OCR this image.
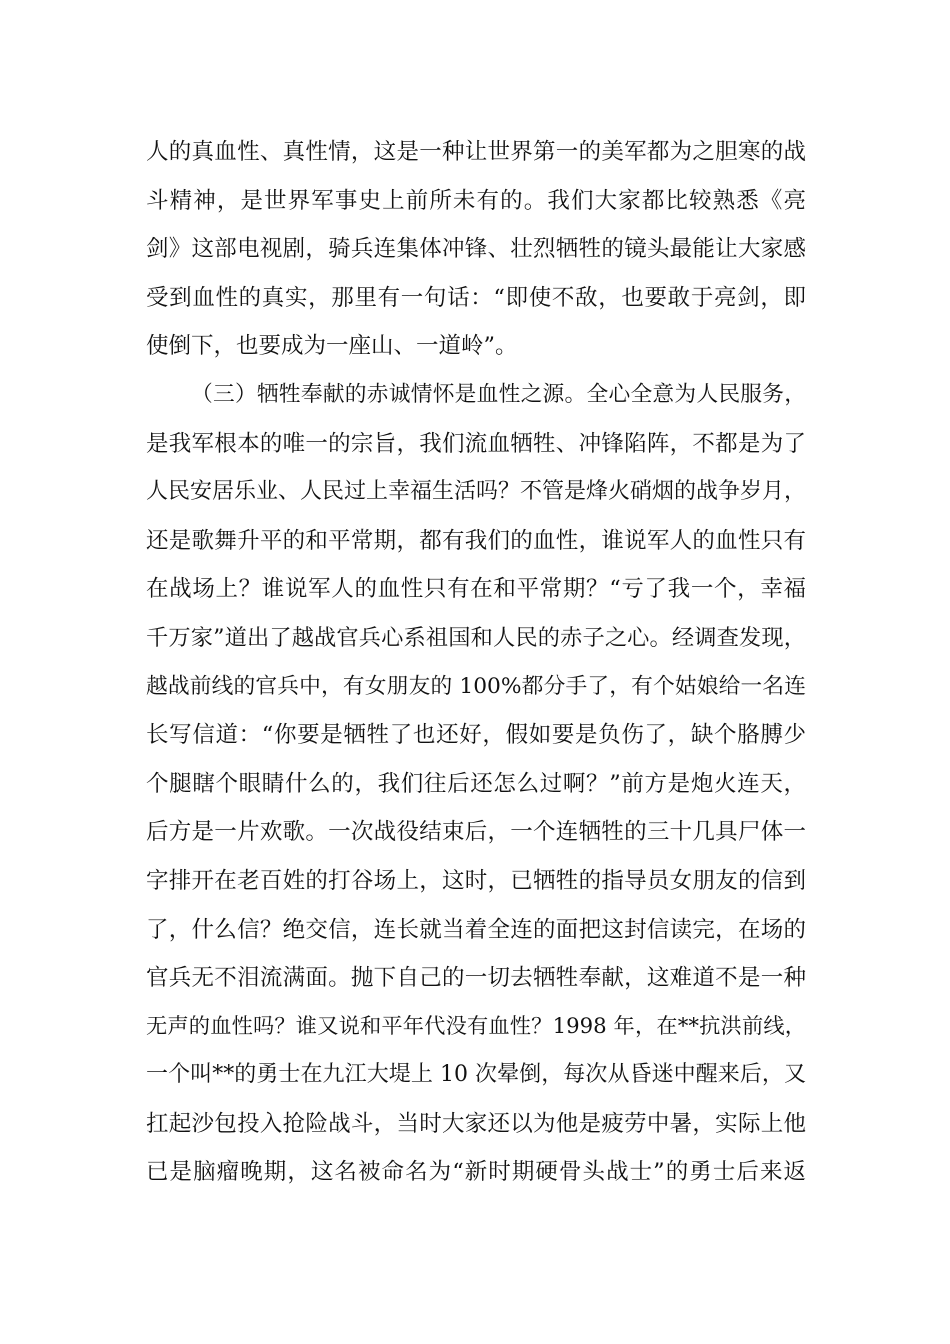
人的真血性、真性情，这是一种让世界第一的美军都为之胆寒的战
斗精神，是世界军事史上前所未有的。我们大家都比较熟悉《亮
剑》这部电视剧，骑兵连集体冲锋、壮烈牺牲的镜头最能让大家感
受到血性的真实，那里有一句话：“即使不敌，也要敢于亮剑，即
使倒下，也要成为一座山、一道岭”。
（三）牺牲奉献的赤诚情怀是血性之源。全心全意为人民服务，
是我军根本的唯一的宗旨，我们流血牺牲、冲锋陷阵，不都是为了
人民安居乐业、人民过上幸福生活吗？不管是烽火硝烟的战争岁月，
还是歌舞升平的和平常期，都有我们的血性，谁说军人的血性只有
在战场上？谁说军人的血性只有在和平常期？“亏了我一个，幸福
千万家”道出了越战官兵心系祖国和人民的赤子之心。经调查发现，
越战前线的官兵中，有女朋友的 100%都分手了，有个姑娘给一名连
长写信道：“你要是牺牲了也还好，假如要是负伤了，缺个胳膊少
个腿瞎个眼睛什么的，我们往后还怎么过啊？”前方是炮火连天，
后方是一片欢歌。一次战役结束后，一个连牺牲的三十几具尸体一
字排开在老百姓的打谷场上，这时，已牺牲的指导员女朋友的信到
了，什么信？绝交信，连长就当着全连的面把这封信读完，在场的
官兵无不泪流满面。抛下自己的一切去牺牲奉献，这难道不是一种
无声的血性吗？谁又说和平年代没有血性？1998 年，在**抗洪前线，
一个叫**的勇士在九江大堤上 10 次晕倒，每次从昏迷中醒来后，又
扛起沙包投入抢险战斗，当时大家还以为他是疲劳中暑，实际上他
已是脑瘤晚期，这名被命名为“新时期硬骨头战士”的勇士后来返
